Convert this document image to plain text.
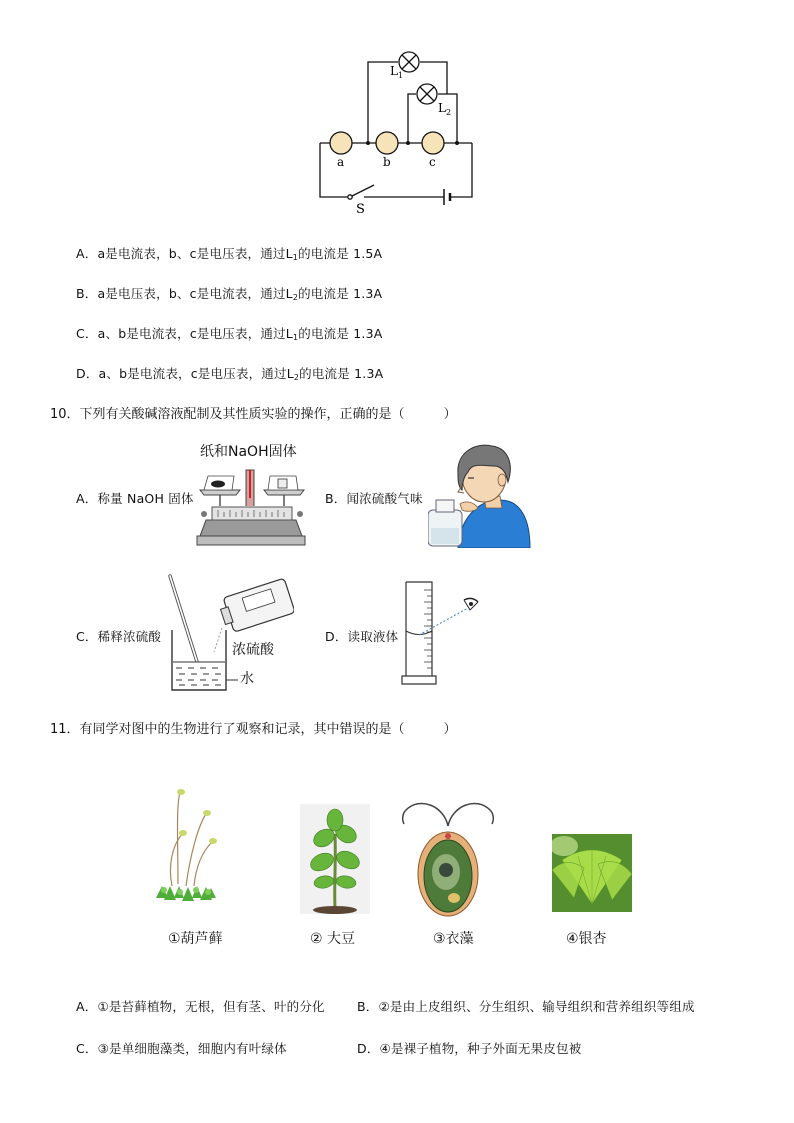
$L_1$
$L_2$
a	b	c
S
A．a是电流表，b、c是电压表，通过$L_1$的电流是 1.5A
B．a是电压表，b、c是电流表，通过$L_2$的电流是 1.3A
C．a、b是电流表，c是电压表，通过$L_1$的电流是 1.3A
D．a、b是电流表，c是电压表，通过$L_2$的电流是 1.3A
10．下列有关酸碱溶液配制及其性质实验的操作，正确的是（　　　）
A．称量 NaOH 固体
纸和NaOH固体
B．闻浓硫酸气味
C．稀释浓硫酸
浓硫酸
水
D．读取液体
11．有同学对图中的生物进行了观察和记录，其中错误的是（　　　）
①葫芦藓	② 大豆	③衣藻	④银杏
A．①是苔藓植物，无根，但有茎、叶的分化	B．②是由上皮组织、分生组织、输导组织和营养组织等组成
C．③是单细胞藻类，细胞内有叶绿体	D．④是裸子植物，种子外面无果皮包被
